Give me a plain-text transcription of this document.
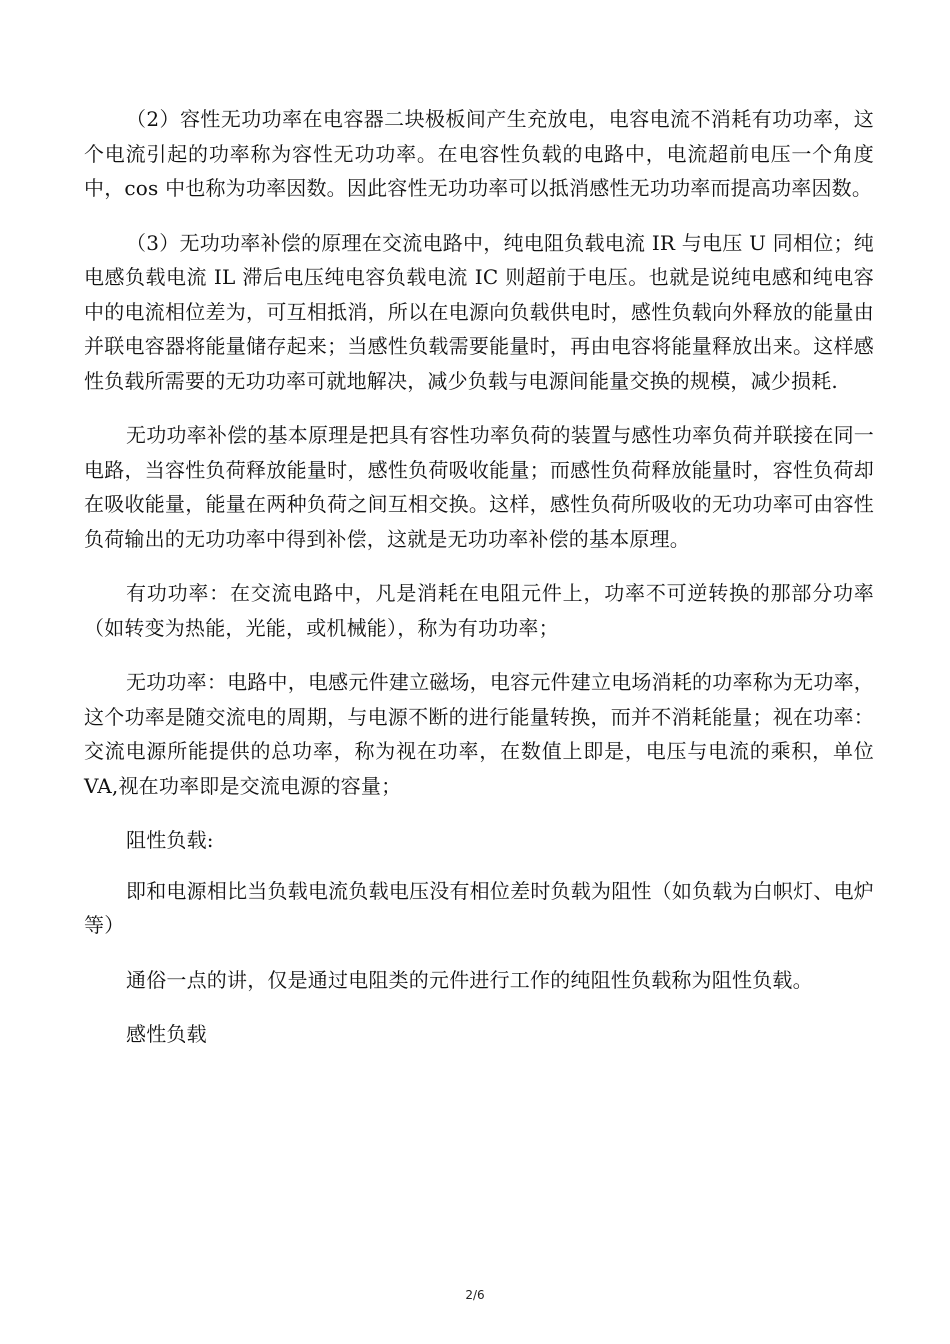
（2）容性无功功率在电容器二块极板间产生充放电，电容电流不消耗有功功率，这个电流引起的功率称为容性无功功率。在电容性负载的电路中，电流超前电压一个角度中，cos 中也称为功率因数。因此容性无功功率可以抵消感性无功功率而提高功率因数。

（3）无功功率补偿的原理在交流电路中，纯电阻负载电流 IR 与电压 U 同相位；纯电感负载电流 IL 滞后电压纯电容负载电流 IC 则超前于电压。也就是说纯电感和纯电容中的电流相位差为，可互相抵消，所以在电源向负载供电时，感性负载向外释放的能量由并联电容器将能量储存起来；当感性负载需要能量时，再由电容将能量释放出来。这样感性负载所需要的无功功率可就地解决，减少负载与电源间能量交换的规模，减少损耗.

无功功率补偿的基本原理是把具有容性功率负荷的装置与感性功率负荷并联接在同一电路，当容性负荷释放能量时，感性负荷吸收能量；而感性负荷释放能量时，容性负荷却在吸收能量，能量在两种负荷之间互相交换。这样，感性负荷所吸收的无功功率可由容性负荷输出的无功功率中得到补偿，这就是无功功率补偿的基本原理。

有功功率：在交流电路中，凡是消耗在电阻元件上，功率不可逆转换的那部分功率（如转变为热能，光能，或机械能），称为有功功率；

无功功率：电路中，电感元件建立磁场，电容元件建立电场消耗的功率称为无功率，这个功率是随交流电的周期，与电源不断的进行能量转换，而并不消耗能量；视在功率：交流电源所能提供的总功率，称为视在功率，在数值上即是，电压与电流的乘积，单位 VA,视在功率即是交流电源的容量；

阻性负载:

即和电源相比当负载电流负载电压没有相位差时负载为阻性（如负载为白帜灯、电炉等）

通俗一点的讲，仅是通过电阻类的元件进行工作的纯阻性负载称为阻性负载。

感性负载

2/6
